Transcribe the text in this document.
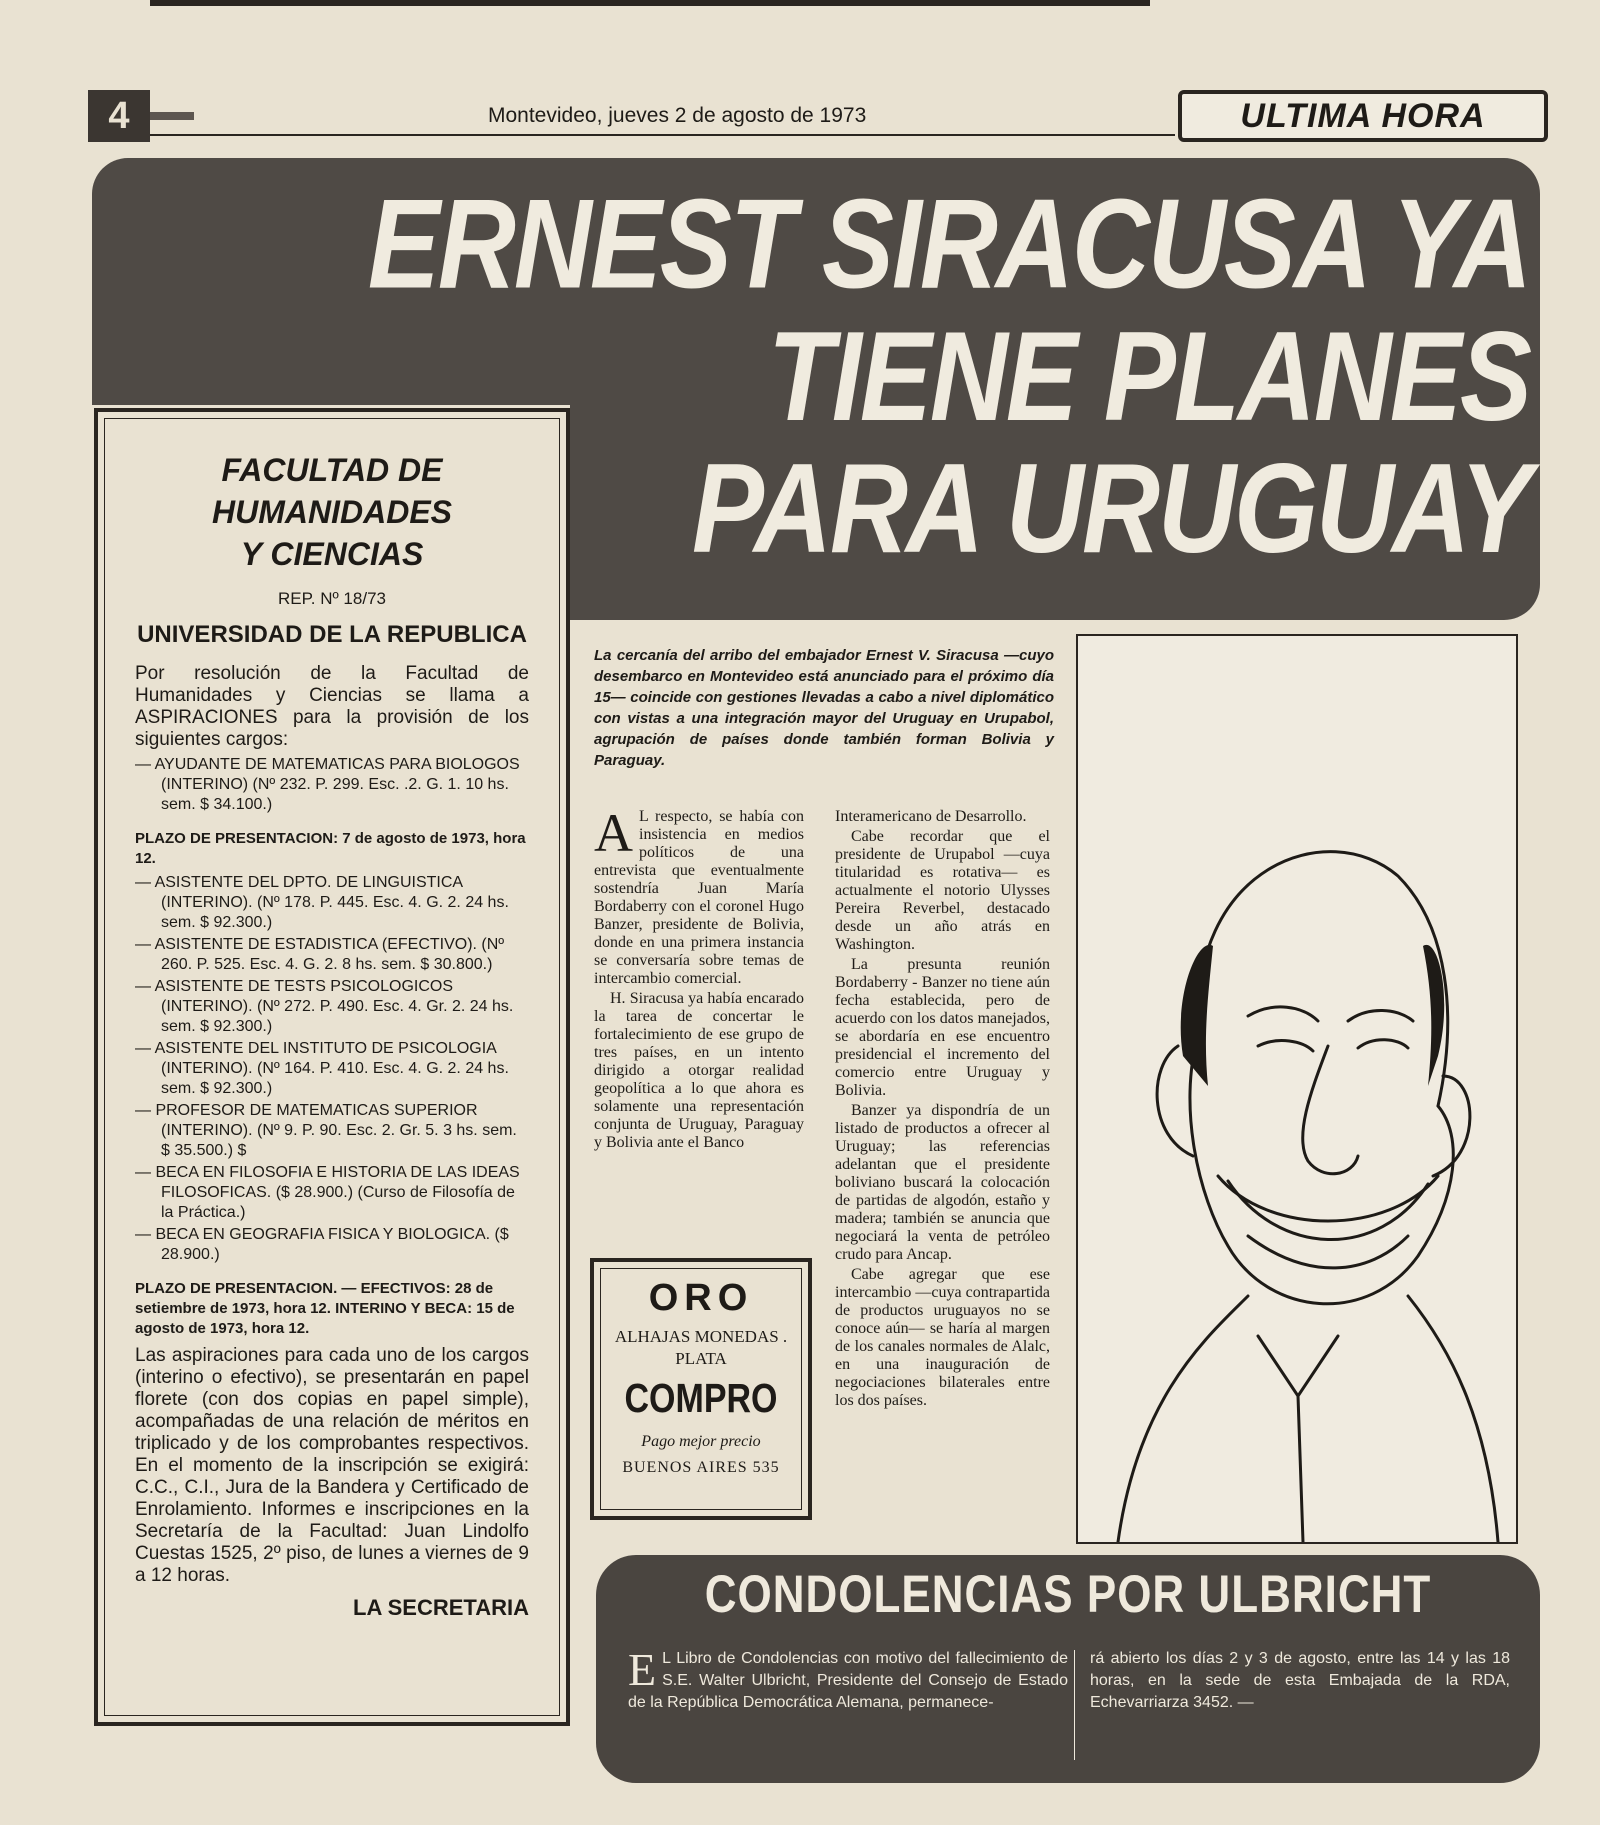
4	Montevideo, jueves 2 de agosto de 1973	ULTIMA HORA
ERNEST SIRACUSA YA
TIENE PLANES
PARA URUGUAY
FACULTAD DE
HUMANIDADES
Y CIENCIAS
REP. Nº 18/73
UNIVERSIDAD DE LA REPUBLICA

Por resolución de la Facultad de Humanidades y Ciencias se llama a ASPIRACIONES para la provisión de los siguientes cargos:

— AYUDANTE DE MATEMATICAS PARA BIOLOGOS (INTERINO) (Nº 232. P. 299. Esc. .2. G. 1. 10 hs. sem. $ 34.100.)

PLAZO DE PRESENTACION: 7 de agosto de 1973, hora 12.

— ASISTENTE DEL DPTO. DE LINGUISTICA (INTERINO). (Nº 178. P. 445. Esc. 4. G. 2. 24 hs. sem. $ 92.300.)

— ASISTENTE DE ESTADISTICA (EFECTIVO). (Nº 260. P. 525. Esc. 4. G. 2. 8 hs. sem. $ 30.800.)

— ASISTENTE DE TESTS PSICOLOGICOS (INTERINO). (Nº 272. P. 490. Esc. 4. Gr. 2. 24 hs. sem. $ 92.300.)

— ASISTENTE DEL INSTITUTO DE PSICOLOGIA (INTERINO). (Nº 164. P. 410. Esc. 4. G. 2. 24 hs. sem. $ 92.300.)

— PROFESOR DE MATEMATICAS SUPERIOR (INTERINO). (Nº 9. P. 90. Esc. 2. Gr. 5. 3 hs. sem. $ 35.500.) $

— BECA EN FILOSOFIA E HISTORIA DE LAS IDEAS FILOSOFICAS. ($ 28.900.) (Curso de Filosofía de la Práctica.)

— BECA EN GEOGRAFIA FISICA Y BIOLOGICA. ($ 28.900.)

PLAZO DE PRESENTACION. — EFECTIVOS: 28 de setiembre de 1973, hora 12. INTERINO Y BECA: 15 de agosto de 1973, hora 12.

Las aspiraciones para cada uno de los cargos (interino o efectivo), se presentarán en papel florete (con dos copias en papel simple), acompañadas de una relación de méritos en triplicado y de los comprobantes respectivos. En el momento de la inscripción se exigirá: C.C., C.I., Jura de la Bandera y Certificado de Enrolamiento. Informes e inscripciones en la Secretaría de la Facultad: Juan Lindolfo Cuestas 1525, 2º piso, de lunes a viernes de 9 a 12 horas.

LA SECRETARIA
La cercanía del arribo del embajador Ernest V. Siracusa —cuyo desembarco en Montevideo está anunciado para el próximo día 15— coincide con gestiones llevadas a cabo a nivel diplomático con vistas a una integración mayor del Uruguay en Urupabol, agrupación de países donde también forman Bolivia y Paraguay.

A L respecto, se había con insistencia en medios políticos de una entrevista que eventualmente sostendría Juan María Bordaberry con el coronel Hugo Banzer, presidente de Bolivia, donde en una primera instancia se conversaría sobre temas de intercambio comercial.

H. Siracusa ya había encarado la tarea de concertar le fortalecimiento de ese grupo de tres países, en un intento dirigido a otorgar realidad geopolítica a lo que ahora es solamente una representación conjunta de Uruguay, Paraguay y Bolivia ante el Banco

Interamericano de Desarrollo.

Cabe recordar que el presidente de Urupabol —cuya titularidad es rotativa— es actualmente el notorio Ulysses Pereira Reverbel, destacado desde un año atrás en Washington.

La presunta reunión Bordaberry - Banzer no tiene aún fecha establecida, pero de acuerdo con los datos manejados, se abordaría en ese encuentro presidencial el incremento del comercio entre Uruguay y Bolivia.

Banzer ya dispondría de un listado de productos a ofrecer al Uruguay; las referencias adelantan que el presidente boliviano buscará la colocación de partidas de algodón, estaño y madera; también se anuncia que negociará la venta de petróleo crudo para Ancap.

Cabe agregar que ese intercambio —cuya contrapartida de productos uruguayos no se conoce aún— se haría al margen de los canales normales de Alalc, en una inauguración de negociaciones bilaterales entre los dos países.

ORO
ALHAJAS MONEDAS . PLATA
COMPRO
Pago mejor precio
BUENOS AIRES 535
CONDOLENCIAS POR ULBRICHT
E L Libro de Condolencias con motivo del fallecimiento de S.E. Walter Ulbricht, Presidente del Consejo de Estado de la República Democrática Alemana, permanece-
rá abierto los días 2 y 3 de agosto, entre las 14 y las 18 horas, en la sede de esta Embajada de la RDA, Echevarriarza 3452. —
